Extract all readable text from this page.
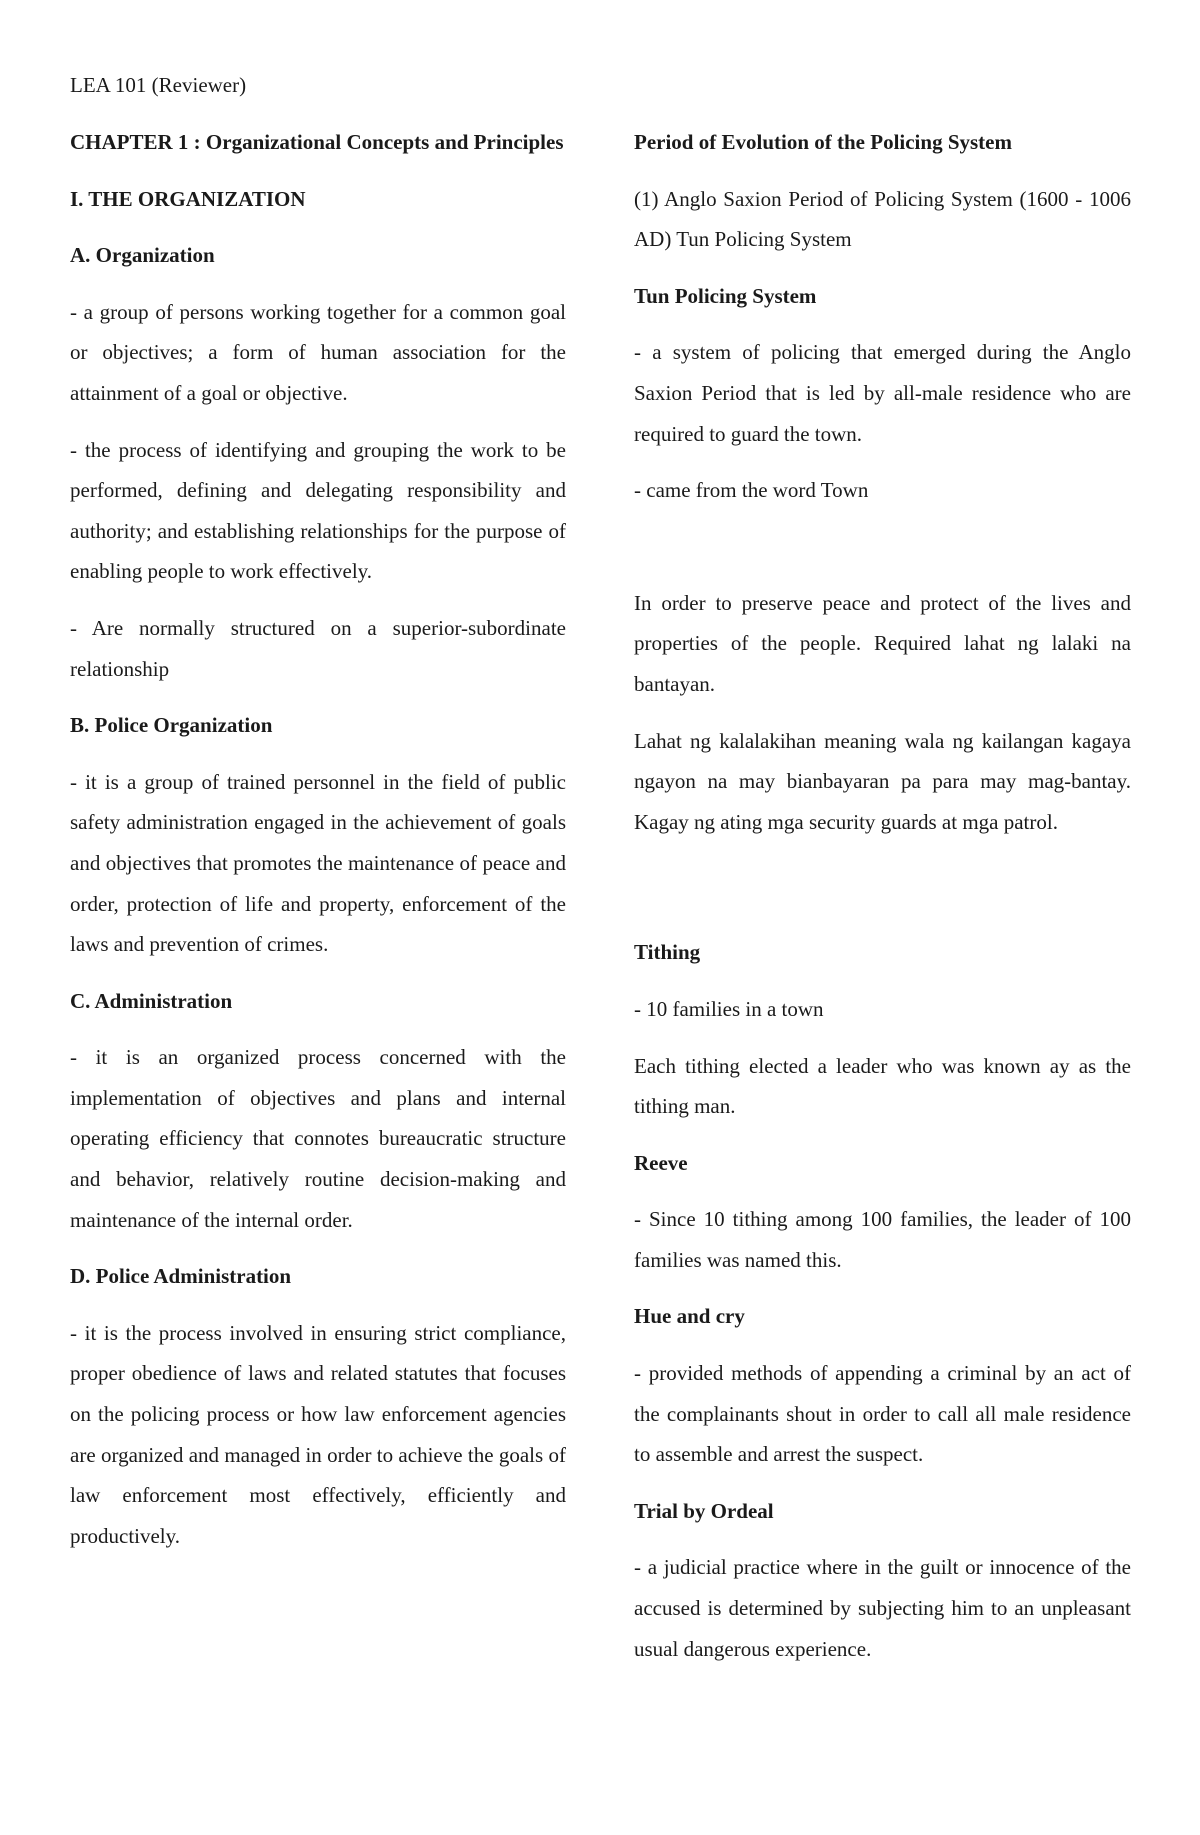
LEA 101 (Reviewer)
CHAPTER 1 : Organizational Concepts and Principles
I. THE ORGANIZATION
A. Organization
- a group of persons working together for a common goal or objectives; a form of human association for the attainment of a goal or objective.
- the process of identifying and grouping the work to be performed, defining and delegating responsibility and authority; and establishing relationships for the purpose of enabling people to work effectively.
- Are normally structured on a superior-subordinate relationship
B. Police Organization
- it is a group of trained personnel in the field of public safety administration engaged in the achievement of goals and objectives that promotes the maintenance of peace and order, protection of life and property, enforcement of the laws and prevention of crimes.
C. Administration
- it is an organized process concerned with the implementation of objectives and plans and internal operating efficiency that connotes bureaucratic structure and behavior, relatively routine decision-making and maintenance of the internal order.
D. Police Administration
- it is the process involved in ensuring strict compliance, proper obedience of laws and related statutes that focuses on the policing process or how law enforcement agencies are organized and managed in order to achieve the goals of law enforcement most effectively, efficiently and productively.
Period of Evolution of the Policing System
(1) Anglo Saxion Period of Policing System (1600 - 1006 AD) Tun Policing System
Tun Policing System
- a system of policing that emerged during the Anglo Saxion Period that is led by all-male residence who are required to guard the town.
- came from the word Town
In order to preserve peace and protect of the lives and properties of the people. Required lahat ng lalaki na bantayan.
Lahat ng kalalakihan meaning wala ng kailangan kagaya ngayon na may bianbayaran pa para may mag-bantay. Kagay ng ating mga security guards at mga patrol.
Tithing
- 10 families in a town
Each tithing elected a leader who was known ay as the tithing man.
Reeve
- Since 10 tithing among 100 families, the leader of 100 families was named this.
Hue and cry
- provided methods of appending a criminal by an act of the complainants shout in order to call all male residence to assemble and arrest the suspect.
Trial by Ordeal
- a judicial practice where in the guilt or innocence of the accused is determined by subjecting him to an unpleasant usual dangerous experience.
